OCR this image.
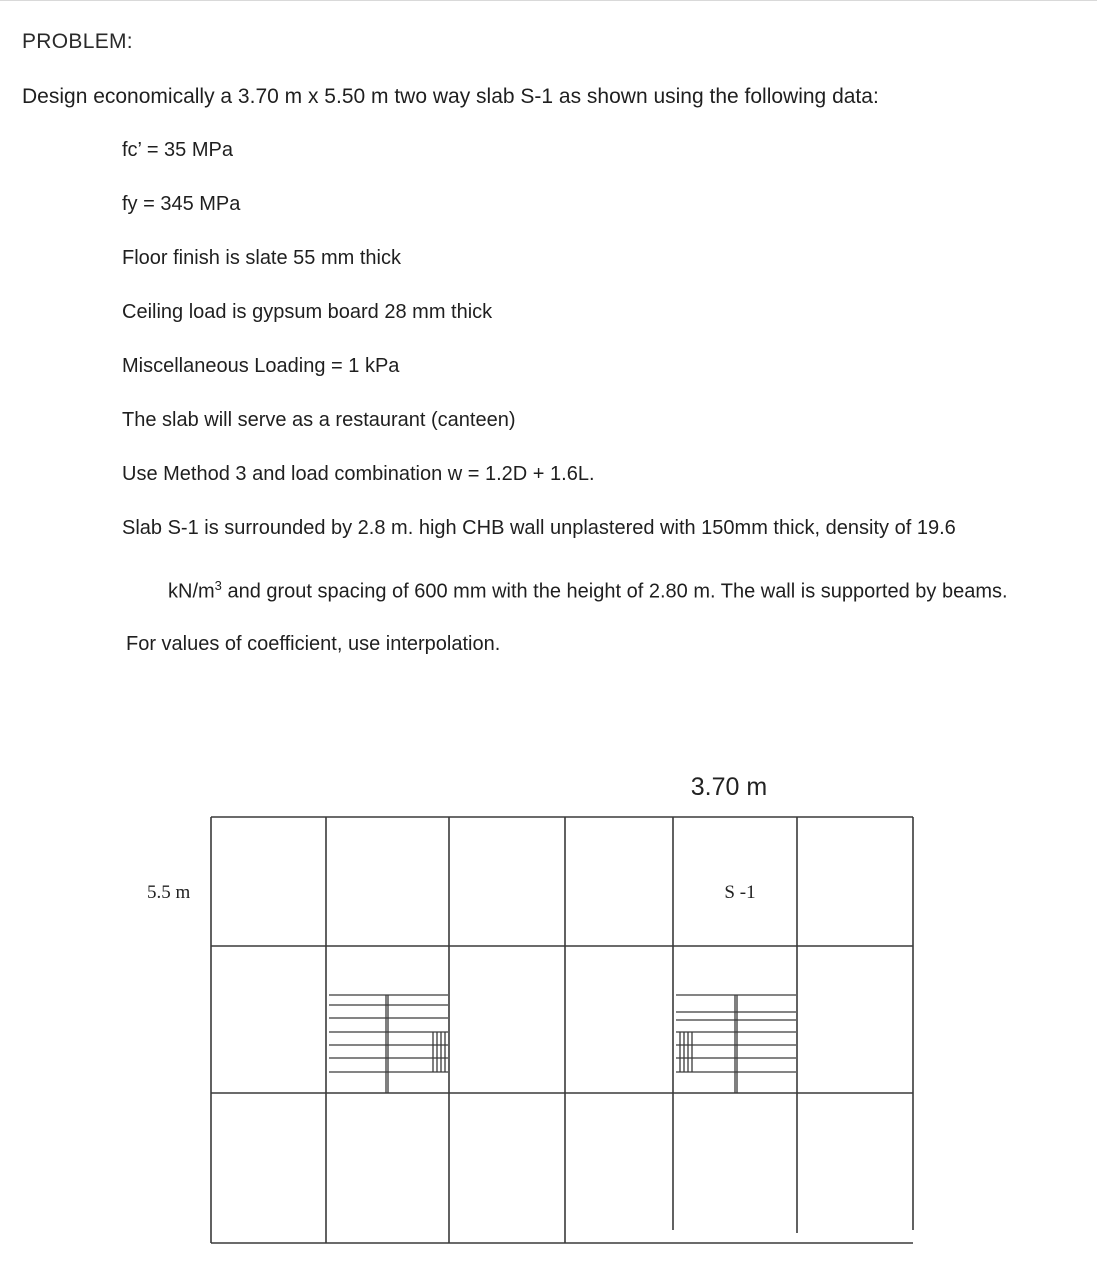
PROBLEM:
Design economically a 3.70 m x 5.50 m two way slab S-1 as shown using the following data:
fc’ = 35 MPa
fy = 345 MPa
Floor finish is slate 55 mm thick
Ceiling load is gypsum board 28 mm thick
Miscellaneous Loading = 1 kPa
The slab will serve as a restaurant (canteen)
Use Method 3 and load combination w = 1.2D + 1.6L.
Slab S-1 is surrounded by 2.8 m. high CHB wall unplastered with 150mm thick, density of 19.6
$kN/m^3$ and grout spacing of 600 mm with the height of 2.80 m. The wall is supported by beams.
For values of coefficient, use interpolation.
3.70 m
5.5 m	S -1
